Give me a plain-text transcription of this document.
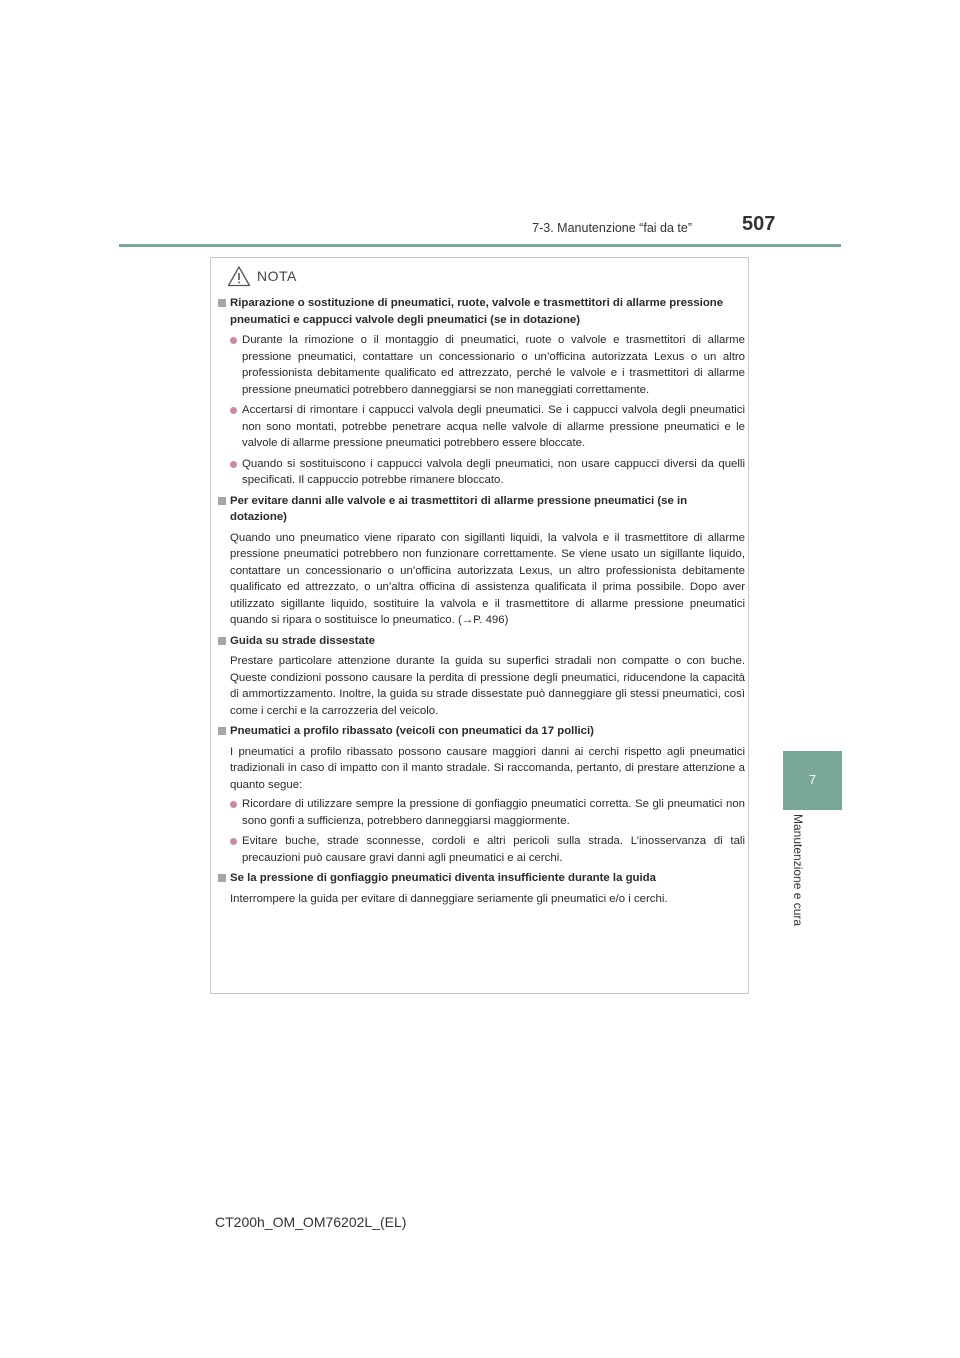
7-3. Manutenzione “fai da te”	507
7
Manutenzione e cura
NOTA
Riparazione o sostituzione di pneumatici, ruote, valvole e trasmettitori di allarme pressione pneumatici e cappucci valvole degli pneumatici (se in dotazione)
Durante la rimozione o il montaggio di pneumatici, ruote o valvole e trasmettitori di allarme pressione pneumatici, contattare un concessionario o un’officina autorizzata Lexus o un altro professionista debitamente qualificato ed attrezzato, perché le valvole e i trasmettitori di allarme pressione pneumatici potrebbero danneggiarsi se non maneggiati correttamente.
Accertarsi di rimontare i cappucci valvola degli pneumatici. Se i cappucci valvola degli pneumatici non sono montati, potrebbe penetrare acqua nelle valvole di allarme pressione pneumatici e le valvole di allarme pressione pneumatici potrebbero essere bloccate.
Quando si sostituiscono i cappucci valvola degli pneumatici, non usare cappucci diversi da quelli specificati. Il cappuccio potrebbe rimanere bloccato.
Per evitare danni alle valvole e ai trasmettitori di allarme pressione pneumatici (se in dotazione)
Quando uno pneumatico viene riparato con sigillanti liquidi, la valvola e il trasmettitore di allarme pressione pneumatici potrebbero non funzionare correttamente. Se viene usato un sigillante liquido, contattare un concessionario o un’officina autorizzata Lexus, un altro professionista debitamente qualificato ed attrezzato, o un’altra officina di assistenza qualificata il prima possibile. Dopo aver utilizzato sigillante liquido, sostituire la valvola e il trasmettitore di allarme pressione pneumatici quando si ripara o sostituisce lo pneumatico. (→P. 496)
Guida su strade dissestate
Prestare particolare attenzione durante la guida su superfici stradali non compatte o con buche. Queste condizioni possono causare la perdita di pressione degli pneumatici, riducendone la capacità di ammortizzamento. Inoltre, la guida su strade dissestate può danneggiare gli stessi pneumatici, così come i cerchi e la carrozzeria del veicolo.
Pneumatici a profilo ribassato (veicoli con pneumatici da 17 pollici)
I pneumatici a profilo ribassato possono causare maggiori danni ai cerchi rispetto agli pneumatici tradizionali in caso di impatto con il manto stradale. Si raccomanda, pertanto, di prestare attenzione a quanto segue:
Ricordare di utilizzare sempre la pressione di gonfiaggio pneumatici corretta. Se gli pneumatici non sono gonfi a sufficienza, potrebbero danneggiarsi maggiormente.
Evitare buche, strade sconnesse, cordoli e altri pericoli sulla strada. L’inosservanza di tali precauzioni può causare gravi danni agli pneumatici e ai cerchi.
Se la pressione di gonfiaggio pneumatici diventa insufficiente durante la guida
Interrompere la guida per evitare di danneggiare seriamente gli pneumatici e/o i cerchi.
CT200h_OM_OM76202L_(EL)
